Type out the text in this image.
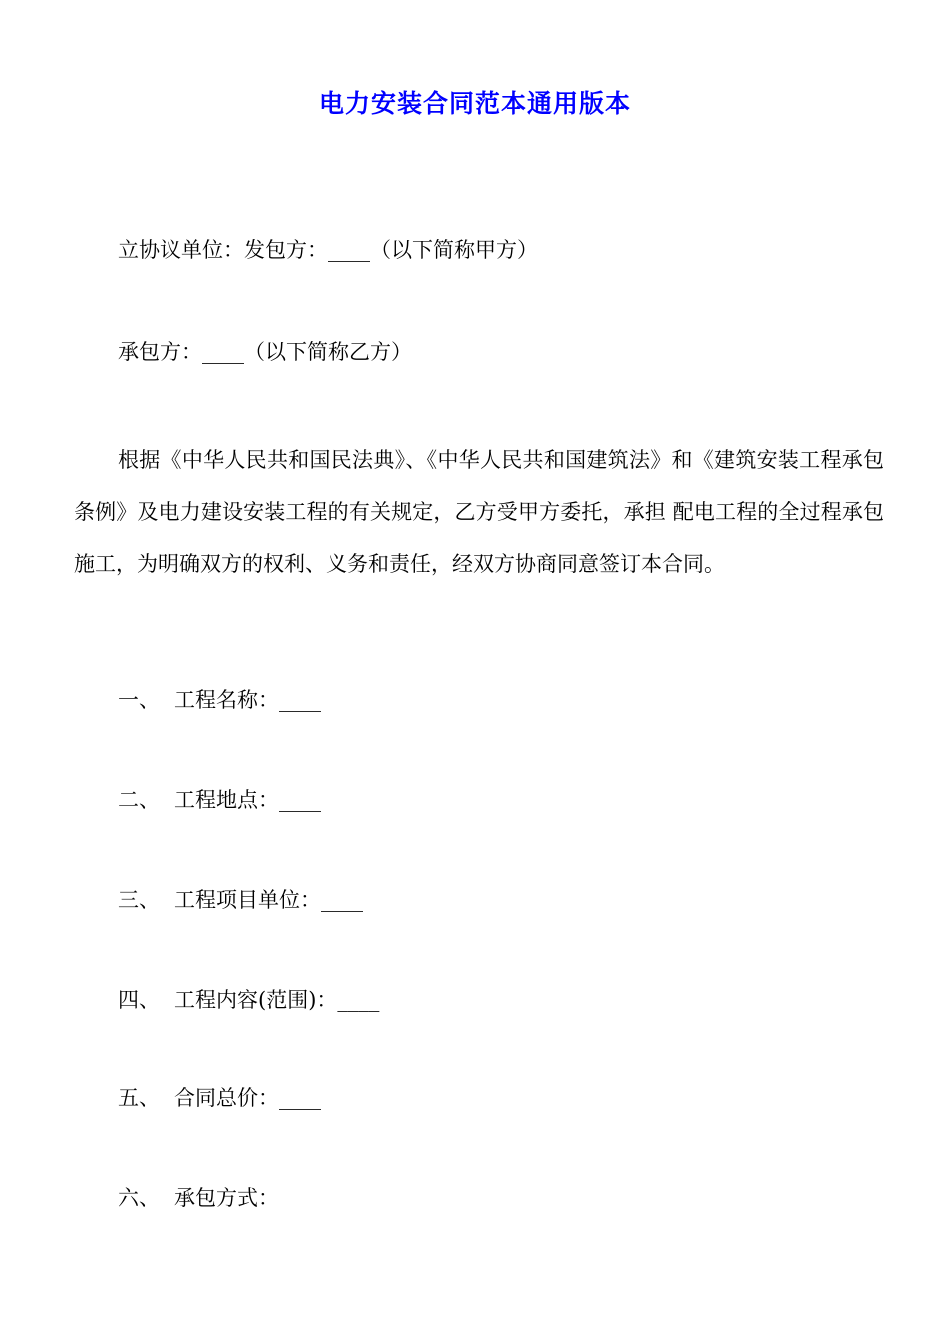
电力安装合同范本通用版本
立协议单位：发包方：____（以下简称甲方）
承包方：____（以下简称乙方）

根据《中华人民共和国民法典》、《中华人民共和国建筑法》和《建筑安装工程承包条例》及电力建设安装工程的有关规定，乙方受甲方委托，承担 配电工程的全过程承包施工，为明确双方的权利、义务和责任，经双方协商同意签订本合同。

一、 工程名称：____
二、 工程地点：____
三、 工程项目单位：____
四、 工程内容(范围)：____
五、 合同总价：____
六、 承包方式：
